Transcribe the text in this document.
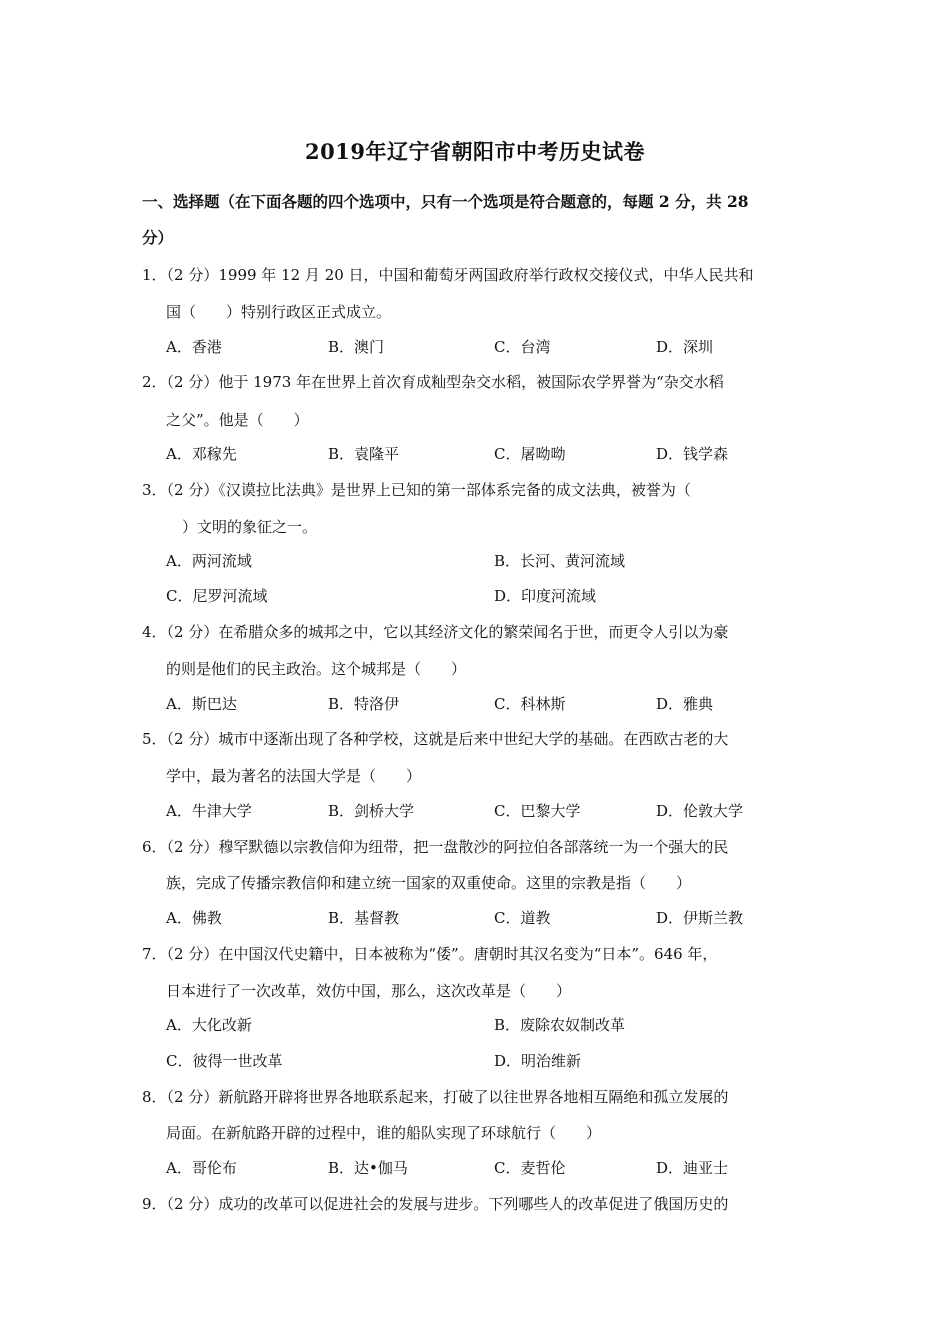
2019年辽宁省朝阳市中考历史试卷
一、选择题（在下面各题的四个选项中，只有一个选项是符合题意的，每题 2 分，共 28
分）
1．（2 分）1999 年 12 月 20 日，中国和葡萄牙两国政府举行政权交接仪式，中华人民共和
国（　　）特别行政区正式成立。
A．香港	B．澳门	C．台湾	D．深圳
2．（2 分）他于 1973 年在世界上首次育成籼型杂交水稻，被国际农学界誉为“杂交水稻
之父”。他是（　　）
A．邓稼先	B．袁隆平	C．屠呦呦	D．钱学森
3．（2 分）《汉谟拉比法典》是世界上已知的第一部体系完备的成文法典，被誉为（
）文明的象征之一。
A．两河流域	B．长河、黄河流域
C．尼罗河流域	D．印度河流域
4．（2 分）在希腊众多的城邦之中，它以其经济文化的繁荣闻名于世，而更令人引以为豪
的则是他们的民主政治。这个城邦是（　　）
A．斯巴达	B．特洛伊	C．科林斯	D．雅典
5．（2 分）城市中逐渐出现了各种学校，这就是后来中世纪大学的基础。在西欧古老的大
学中，最为著名的法国大学是（　　）
A．牛津大学	B．剑桥大学	C．巴黎大学	D．伦敦大学
6．（2 分）穆罕默德以宗教信仰为纽带，把一盘散沙的阿拉伯各部落统一为一个强大的民
族，完成了传播宗教信仰和建立统一国家的双重使命。这里的宗教是指（　　）
A．佛教	B．基督教	C．道教	D．伊斯兰教
7．（2 分）在中国汉代史籍中，日本被称为“倭”。唐朝时其汉名变为“日本”。646 年，
日本进行了一次改革，效仿中国，那么，这次改革是（　　）
A．大化改新	B．废除农奴制改革
C．彼得一世改革	D．明治维新
8．（2 分）新航路开辟将世界各地联系起来，打破了以往世界各地相互隔绝和孤立发展的
局面。在新航路开辟的过程中，谁的船队实现了环球航行（　　）
A．哥伦布	B．达•伽马	C．麦哲伦	D．迪亚士
9．（2 分）成功的改革可以促进社会的发展与进步。下列哪些人的改革促进了俄国历史的
